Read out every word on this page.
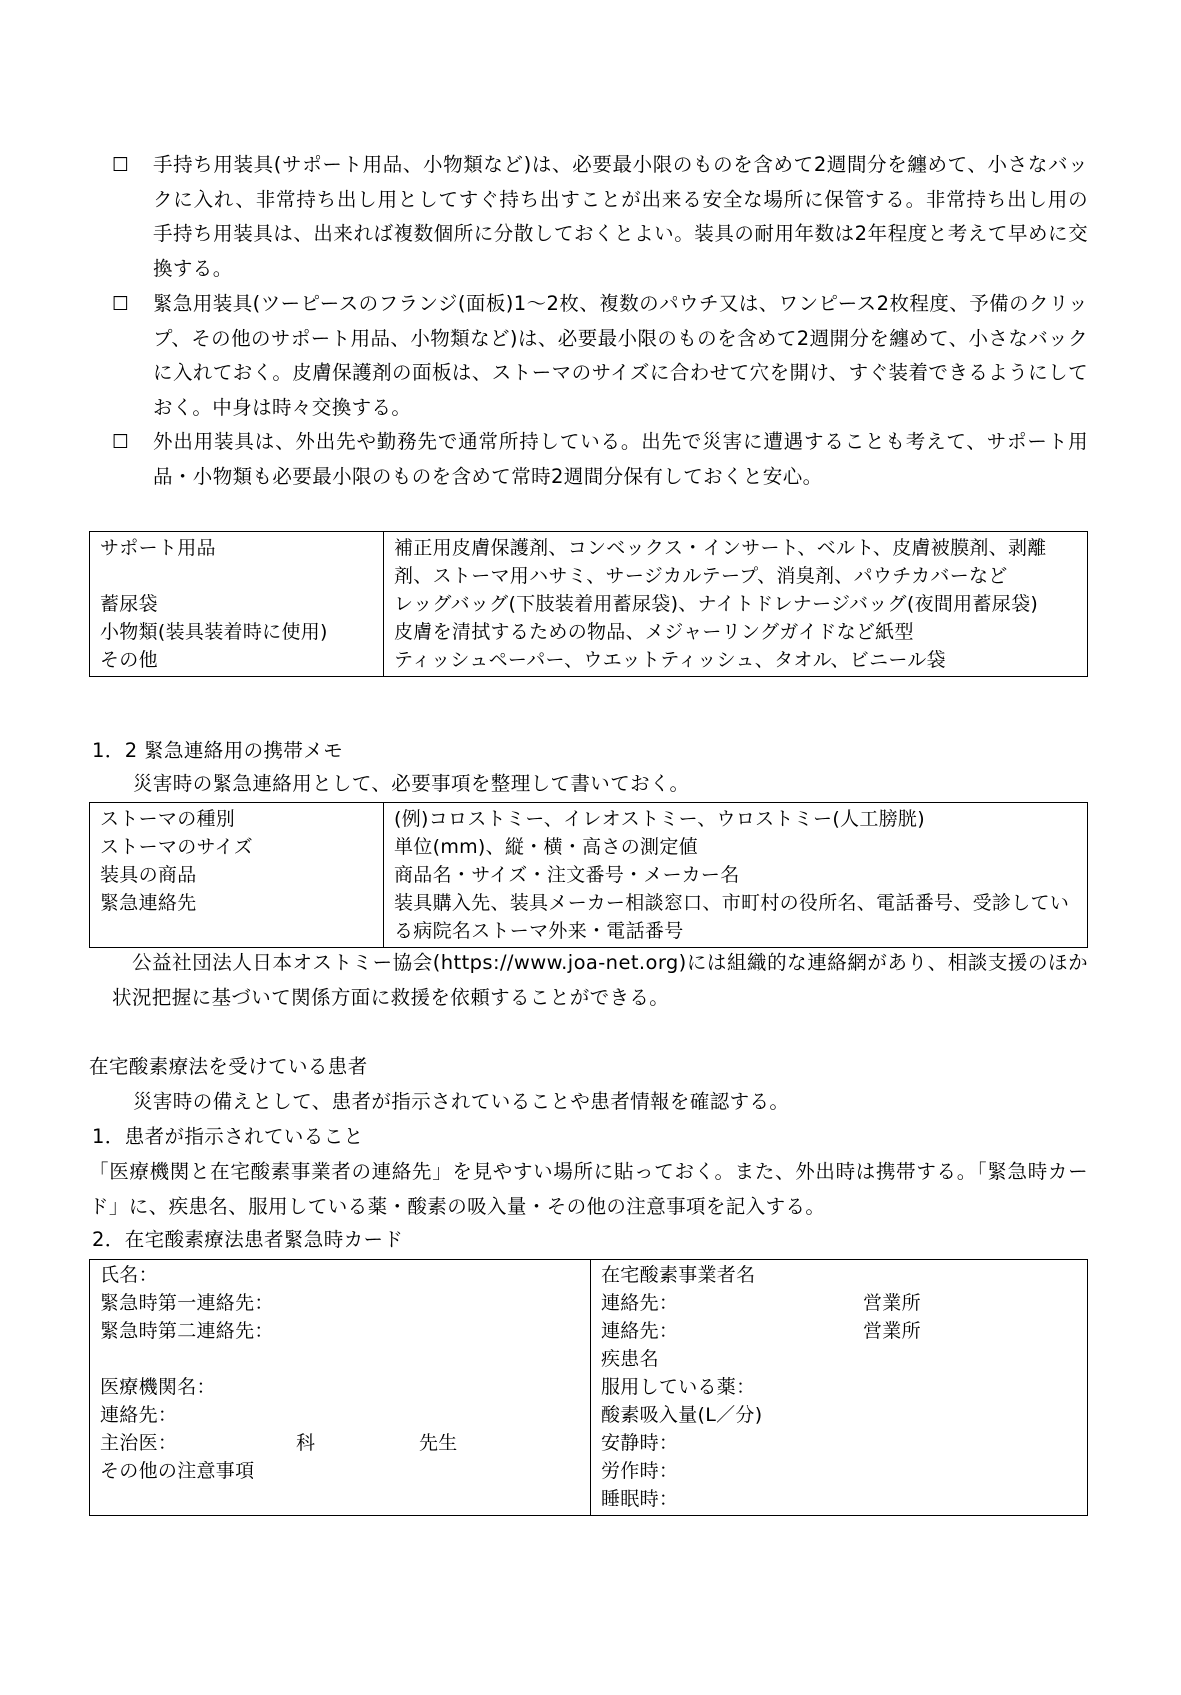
☐ 手持ち用装具(サポート用品、小物類など)は、必要最小限のものを含めて2週間分を纏めて、小さなバックに入れ、非常持ち出し用としてすぐ持ち出すことが出来る安全な場所に保管する。非常持ち出し用の手持ち用装具は、出来れば複数個所に分散しておくとよい。装具の耐用年数は2年程度と考えて早めに交換する。
☐ 緊急用装具(ツーピースのフランジ(面板)1〜2枚、複数のパウチ又は、ワンピース2枚程度、予備のクリップ、その他のサポート用品、小物類など)は、必要最小限のものを含めて2週開分を纏めて、小さなバックに入れておく。皮膚保護剤の面板は、ストーマのサイズに合わせて穴を開け、すぐ装着できるようにしておく。中身は時々交換する。
☐ 外出用装具は、外出先や勤務先で通常所持している。出先で災害に遭遇することも考えて、サポート用品・小物類も必要最小限のものを含めて常時2週間分保有しておくと安心。
サポート用品	補正用皮膚保護剤、コンベックス・インサート、ベルト、皮膚被膜剤、剥離剤、ストーマ用ハサミ、サージカルテープ、消臭剤、パウチカバーなど
蓄尿袋	レッグバッグ(下肢装着用蓄尿袋)、ナイトドレナージバッグ(夜間用蓄尿袋)
小物類(装具装着時に使用)	皮膚を清拭するための物品、メジャーリングガイドなど紙型
その他	ティッシュペーパー、ウエットティッシュ、タオル、ビニール袋
1．2 緊急連絡用の携帯メモ
災害時の緊急連絡用として、必要事項を整理して書いておく。
ストーマの種別	(例)コロストミー、イレオストミー、ウロストミー(人工膀胱)
ストーマのサイズ	単位(mm)、縦・横・高さの測定値
装具の商品	商品名・サイズ・注文番号・メーカー名
緊急連絡先	装具購入先、装具メーカー相談窓口、市町村の役所名、電話番号、受診している病院名ストーマ外来・電話番号
公益社団法人日本オストミー協会(https://www.joa-net.org)には組織的な連絡網があり、相談支援のほか状況把握に基づいて関係方面に救援を依頼することができる。
在宅酸素療法を受けている患者
災害時の備えとして、患者が指示されていることや患者情報を確認する。
1．患者が指示されていること
「医療機関と在宅酸素事業者の連絡先」を見やすい場所に貼っておく。また、外出時は携帯する。「緊急時カード」に、疾患名、服用している薬・酸素の吸入量・その他の注意事項を記入する。
2．在宅酸素療法患者緊急時カード
氏名：
緊急時第一連絡先：
緊急時第二連絡先：

医療機関名：
連絡先：
主治医：	科	先生
その他の注意事項

在宅酸素事業者名
連絡先：	営業所
連絡先：	営業所
疾患名
服用している薬：
酸素吸入量(L／分)
安静時：
労作時：
睡眠時：
